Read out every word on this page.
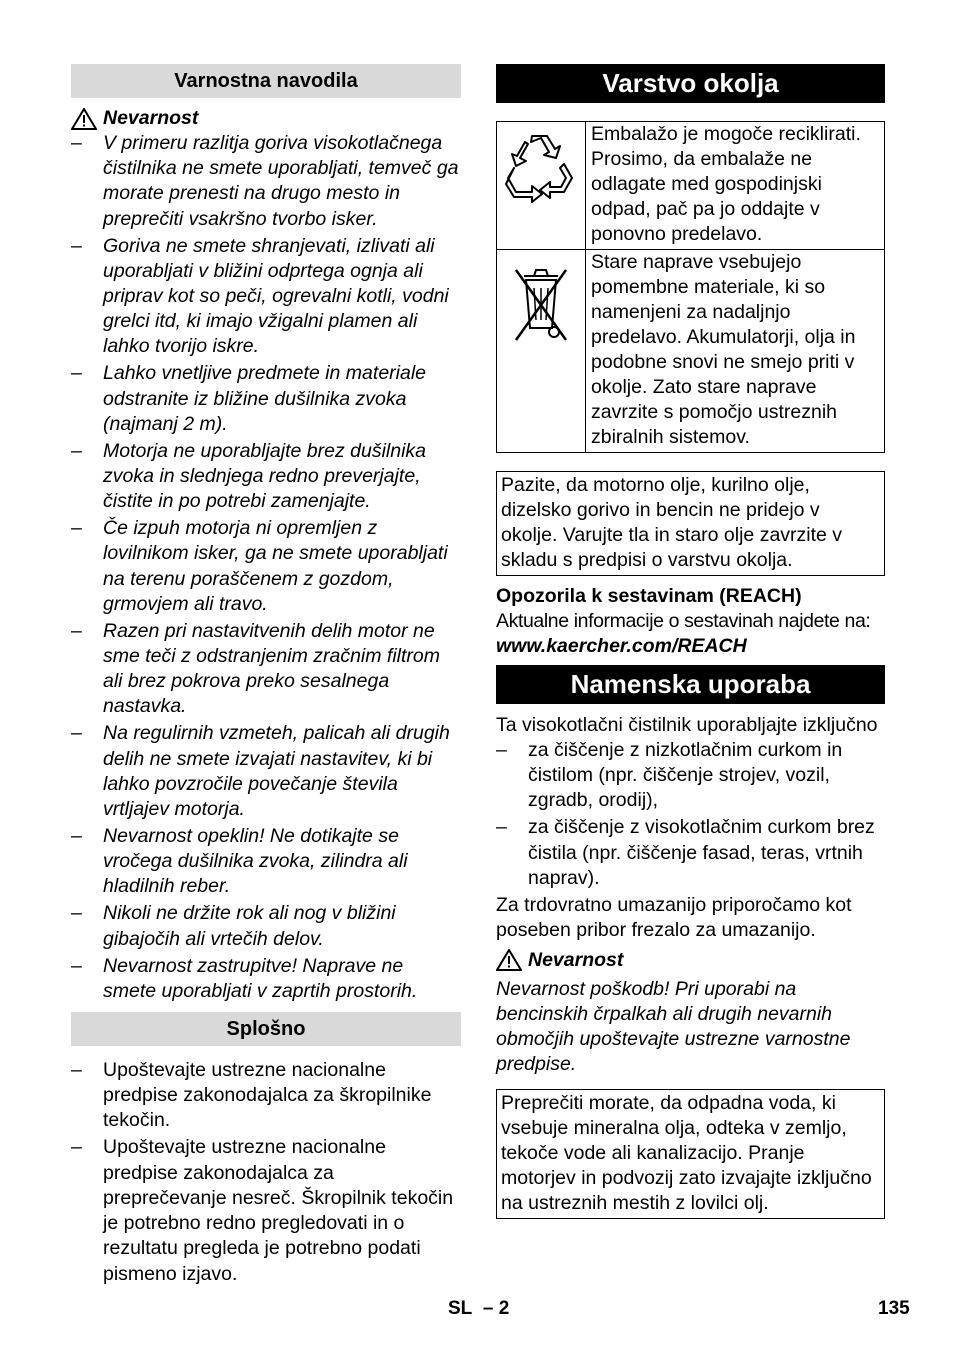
Varnostna navodila
Nevarnost
– V primeru razlitja goriva visokotlačnega čistilnika ne smete uporabljati, temveč ga morate prenesti na drugo mesto in preprečiti vsakršno tvorbo isker.
– Goriva ne smete shranjevati, izlivati ali uporabljati v bližini odprtega ognja ali priprav kot so peči, ogrevalni kotli, vodni grelci itd, ki imajo vžigalni plamen ali lahko tvorijo iskre.
– Lahko vnetljive predmete in materiale odstranite iz bližine dušilnika zvoka (najmanj 2 m).
– Motorja ne uporabljajte brez dušilnika zvoka in slednjega redno preverjajte, čistite in po potrebi zamenjajte.
– Če izpuh motorja ni opremljen z lovilnikom isker, ga ne smete uporabljati na terenu poraščenem z gozdom, grmovjem ali travo.
– Razen pri nastavitvenih delih motor ne sme teči z odstranjenim zračnim filtrom ali brez pokrova preko sesalnega nastavka.
– Na regulirnih vzmeteh, palicah ali drugih delih ne smete izvajati nastavitev, ki bi lahko povzročile povečanje števila vrtljajev motorja.
– Nevarnost opeklin! Ne dotikajte se vročega dušilnika zvoka, zilindra ali hladilnih reber.
– Nikoli ne držite rok ali nog v bližini gibajočih ali vrtečih delov.
– Nevarnost zastrupitve! Naprave ne smete uporabljati v zaprtih prostorih.
Splošno
– Upoštevajte ustrezne nacionalne predpise zakonodajalca za škropilnike tekočin.
– Upoštevajte ustrezne nacionalne predpise zakonodajalca za preprečevanje nesreč. Škropilnik tekočin je potrebno redno pregledovati in o rezultatu pregleda je potrebno podati pismeno izjavo.
Varstvo okolja
Embalažo je mogoče reciklirati. Prosimo, da embalaže ne odlagate med gospodinjski odpad, pač pa jo oddajte v ponovno predelavo.
Stare naprave vsebujejo pomembne materiale, ki so namenjeni za nadaljnjo predelavo. Akumulatorji, olja in podobne snovi ne smejo priti v okolje. Zato stare naprave zavrzite s pomočjo ustreznih zbiralnih sistemov.
Pazite, da motorno olje, kurilno olje, dizelsko gorivo in bencin ne pridejo v okolje. Varujte tla in staro olje zavrzite v skladu s predpisi o varstvu okolja.

Opozorila k sestavinam (REACH)

Aktualne informacije o sestavinah najdete na:

www.kaercher.com/REACH

Namenska uporaba

Ta visokotlačni čistilnik uporabljajte izključno

– za čiščenje z nizkotlačnim curkom in čistilom (npr. čiščenje strojev, vozil, zgradb, orodij),
– za čiščenje z visokotlačnim curkom brez čistila (npr. čiščenje fasad, teras, vrtnih naprav).

Za trdovratno umazanijo priporočamo kot poseben pribor frezalo za umazanijo.

Nevarnost

Nevarnost poškodb! Pri uporabi na bencinskih črpalkah ali drugih nevarnih območjih upoštevajte ustrezne varnostne predpise.

Preprečiti morate, da odpadna voda, ki vsebuje mineralna olja, odteka v zemljo, tekoče vode ali kanalizacijo. Pranje motorjev in podvozij zato izvajajte izključno na ustreznih mestih z lovilci olj.
SL – 2	135
